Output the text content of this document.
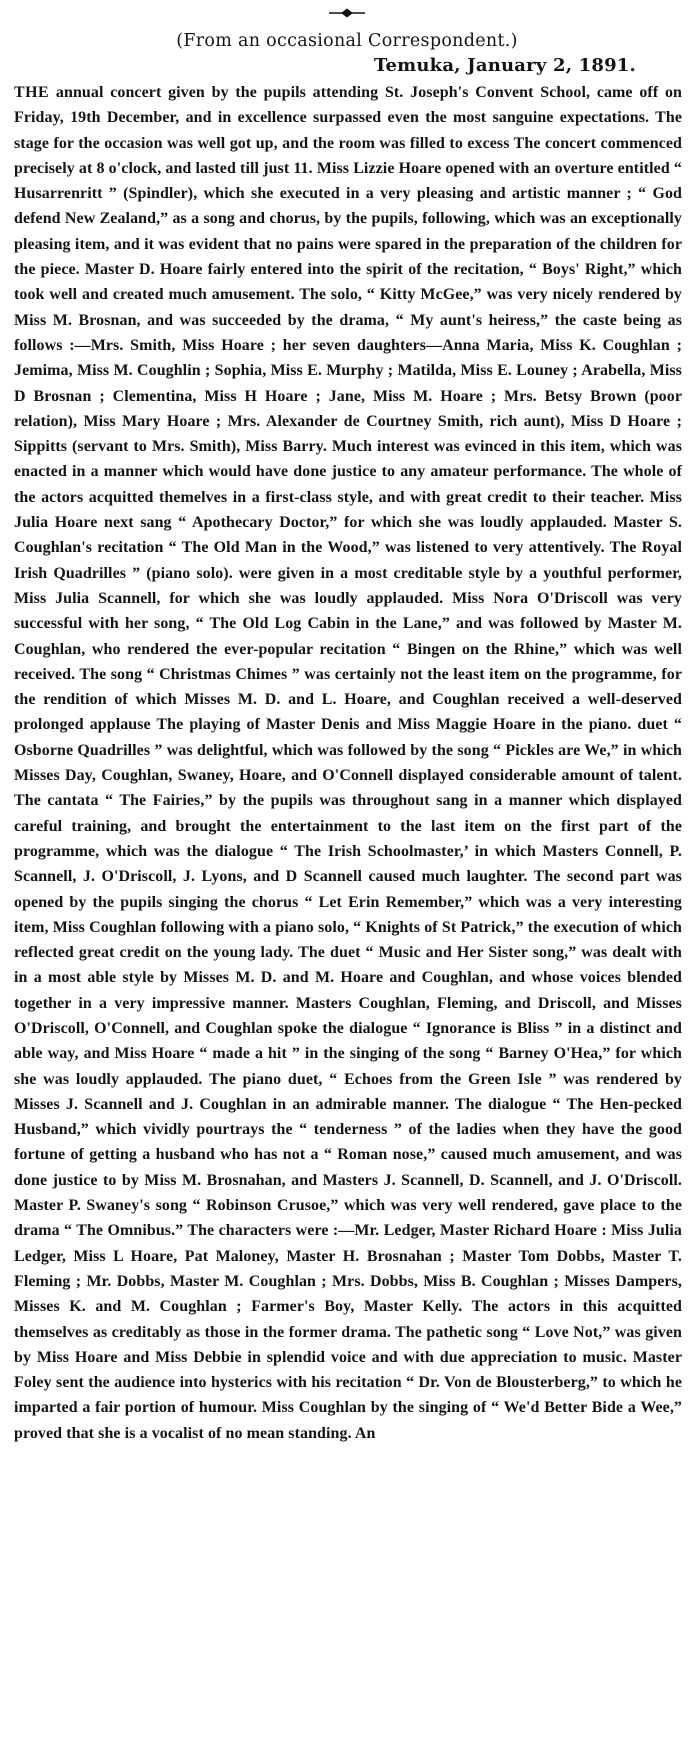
(From an occasional Correspondent.)
Temuka, January 2, 1891.

THE annual concert given by the pupils attending St. Joseph's Convent School, came off on Friday, 19th December, and in excellence surpassed even the most sanguine expectations. The stage for the occasion was well got up, and the room was filled to excess The concert commenced precisely at 8 o'clock, and lasted till just 11. Miss Lizzie Hoare opened with an overture entitled “ Husarrenritt ” (Spindler), which she executed in a very pleasing and artistic manner ; “ God defend New Zealand,” as a song and chorus, by the pupils, following, which was an exceptionally pleasing item, and it was evident that no pains were spared in the preparation of the children for the piece. Master D. Hoare fairly entered into the spirit of the recitation, “ Boys' Right,” which took well and created much amusement. The solo, “ Kitty McGee,” was very nicely rendered by Miss M. Brosnan, and was succeeded by the drama, “ My aunt's heiress,” the caste being as follows :—Mrs. Smith, Miss Hoare ; her seven daughters—Anna Maria, Miss K. Coughlan ; Jemima, Miss M. Coughlin ; Sophia, Miss E. Murphy ; Matilda, Miss E. Louney ; Arabella, Miss D Brosnan ; Clementina, Miss H Hoare ; Jane, Miss M. Hoare ; Mrs. Betsy Brown (poor relation), Miss Mary Hoare ; Mrs. Alexander de Courtney Smith, rich aunt), Miss D Hoare ; Sippitts (servant to Mrs. Smith), Miss Barry. Much interest was evinced in this item, which was enacted in a manner which would have done justice to any amateur performance. The whole of the actors acquitted themelves in a first-class style, and with great credit to their teacher. Miss Julia Hoare next sang “ Apothecary Doctor,” for which she was loudly applauded. Master S. Coughlan's recitation “ The Old Man in the Wood,” was listened to very attentively. The Royal Irish Quadrilles ” (piano solo). were given in a most creditable style by a youthful performer, Miss Julia Scannell, for which she was loudly applauded. Miss Nora O'Driscoll was very successful with her song, “ The Old Log Cabin in the Lane,” and was followed by Master M. Coughlan, who rendered the ever-popular recitation “ Bingen on the Rhine,” which was well received. The song “ Christmas Chimes ” was certainly not the least item on the programme, for the rendition of which Misses M. D. and L. Hoare, and Coughlan received a well-deserved prolonged applause The playing of Master Denis and Miss Maggie Hoare in the piano. duet “ Osborne Quadrilles ” was delightful, which was followed by the song “ Pickles are We,” in which Misses Day, Coughlan, Swaney, Hoare, and O'Connell displayed considerable amount of talent. The cantata “ The Fairies,” by the pupils was throughout sang in a manner which displayed careful training, and brought the entertainment to the last item on the first part of the programme, which was the dialogue “ The Irish Schoolmaster,’ in which Masters Connell, P. Scannell, J. O'Driscoll, J. Lyons, and D Scannell caused much laughter. The second part was opened by the pupils singing the chorus “ Let Erin Remember,” which was a very interesting item, Miss Coughlan following with a piano solo, “ Knights of St Patrick,” the execution of which reflected great credit on the young lady. The duet “ Music and Her Sister song,” was dealt with in a most able style by Misses M. D. and M. Hoare and Coughlan, and whose voices blended together in a very impressive manner. Masters Coughlan, Fleming, and Driscoll, and Misses O'Driscoll, O'Connell, and Coughlan spoke the dialogue “ Ignorance is Bliss ” in a distinct and able way, and Miss Hoare “ made a hit ” in the singing of the song “ Barney O'Hea,” for which she was loudly applauded. The piano duet, “ Echoes from the Green Isle ” was rendered by Misses J. Scannell and J. Coughlan in an admirable manner. The dialogue “ The Hen-pecked Husband,” which vividly pourtrays the “ tenderness ” of the ladies when they have the good fortune of getting a husband who has not a “ Roman nose,” caused much amusement, and was done justice to by Miss M. Brosnahan, and Masters J. Scannell, D. Scannell, and J. O'Driscoll. Master P. Swaney's song “ Robinson Crusoe,” which was very well rendered, gave place to the drama “ The Omnibus.” The characters were :—Mr. Ledger, Master Richard Hoare : Miss Julia Ledger, Miss L Hoare, Pat Maloney, Master H. Brosnahan ; Master Tom Dobbs, Master T. Fleming ; Mr. Dobbs, Master M. Coughlan ; Mrs. Dobbs, Miss B. Coughlan ; Misses Dampers, Misses K. and M. Coughlan ; Farmer's Boy, Master Kelly. The actors in this acquitted themselves as creditably as those in the former drama. The pathetic song “ Love Not,” was given by Miss Hoare and Miss Debbie in splendid voice and with due appreciation to music. Master Foley sent the audience into hysterics with his recitation “ Dr. Von de Blousterberg,” to which he imparted a fair portion of humour. Miss Coughlan by the singing of “ We'd Better Bide a Wee,” proved that she is a vocalist of no mean standing. An
